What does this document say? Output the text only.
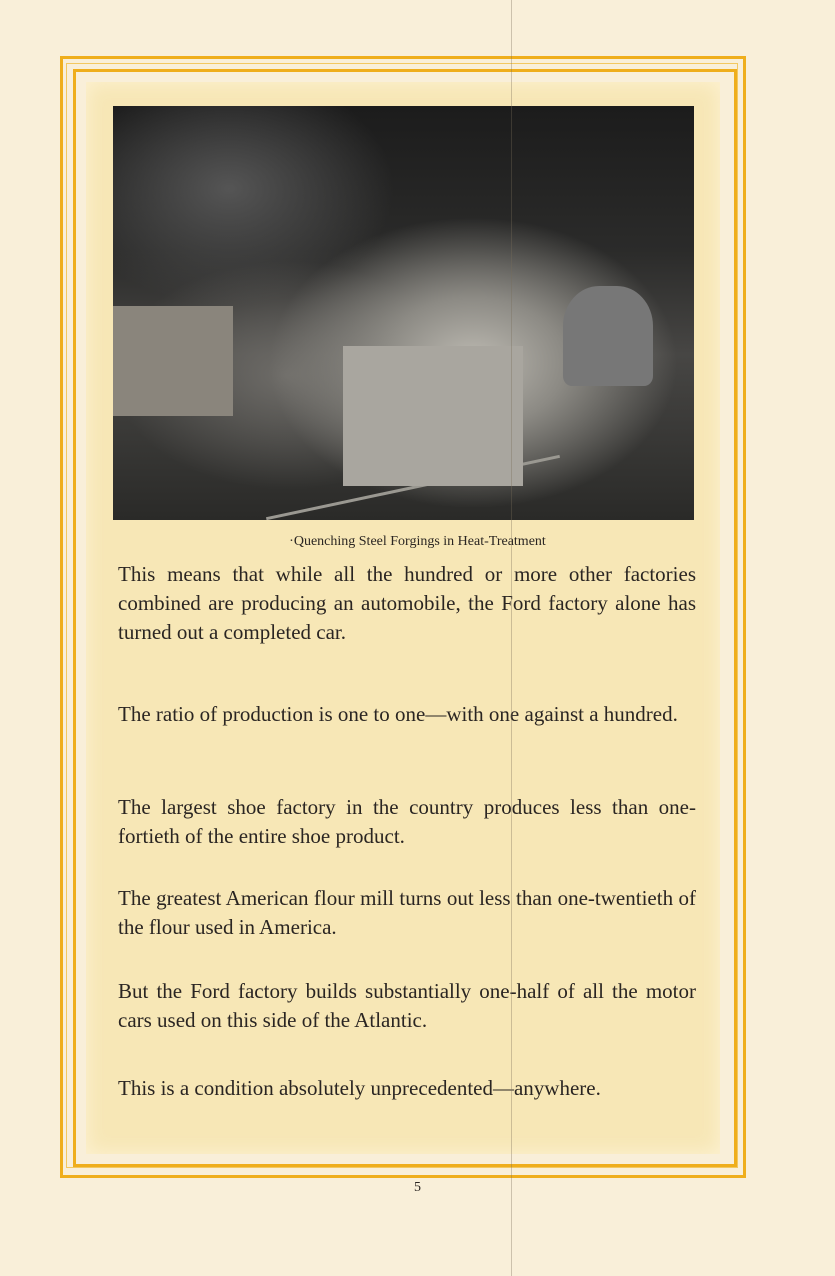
·Quenching Steel Forgings in Heat-Treatment

This means that while all the hundred or more other factories combined are producing an automobile, the Ford factory alone has turned out a completed car.

The ratio of production is one to one—with one against a hundred.

The largest shoe factory in the country produces less than one-fortieth of the entire shoe product.

The greatest American flour mill turns out less than one-twentieth of the flour used in America.

But the Ford factory builds substantially one-half of all the motor cars used on this side of the Atlantic.

This is a condition absolutely unprecedented—anywhere.

5
